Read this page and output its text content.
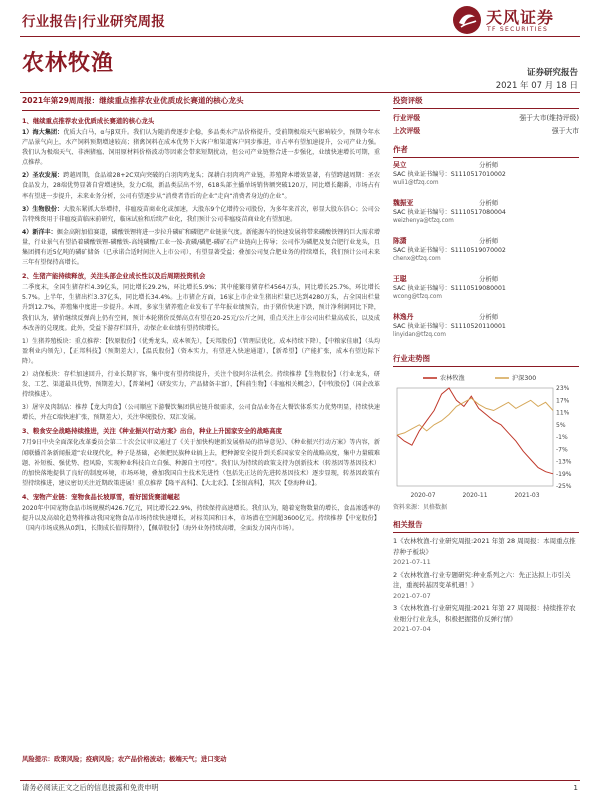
行业报告|行业研究周报	天风证券
TF SECURITIES
农林牧渔	证券研究报告
2021 年 07 月 18 日
2021年第29周周报：继续重点推荐农业优质成长赛道的核心龙头
1、继续重点推荐农业优质成长赛道的核心龙头
1）海大集团：优质大白马，α与β双升。我们认为随消费逐步企稳，多品类水产品价格提升，受前期极端天气影响较少，预期今年水产品景气向上，水产饲料预期增速较高；猪禽饲料在成本优势下大客户和渠道客户同步推进，市占率有望加速提升，公司产业力强。我们认为极端天气、非洲猪瘟、饲用原材料价格波动等因素会带来短期扰动，但公司产业链整合进一步强化，业绩快速增长可期，重点推荐。
2）圣农发展：跨越周期，食品端28+2C双向突破的白羽肉鸡龙头；深耕白羽肉鸡产业链，养殖降本增效显著，有望跨越周期：圣农食品发力，28端优势显著自营增速快，发力C端，新品类层出不穷，618头部主播单场销售额突破120万，同比增长翻番，市场占有率有望进一步提升，未来业务分析，公司有望逐步从“消费者背后的企业”走向“消费者身边的企业”。
3）生物股份：大股东紧抓大举增持，非瘟疫苗商业化或加速，大股东9个亿增持公司股份，为多年来首次，彰显大股东信心；公司公告特殊资用于非瘟疫苗临床前研究，临床试验和后续产业化，我们预计公司非瘟疫苗商业化有望加速。
4）新洋丰：掘金高附加值赛道，磷酸铁锂将进一步拉升磷矿和磷肥产业链景气度。新能源车的快速发展将带来磷酸铁锂的巨大需求增量，行业景气有望沿着磷酸铁锂-磷酸铁-高纯磷酸/工业一铵-黄磷/磷肥-磷矿石产业链向上传导；公司作为磷肥及复合肥行业龙头，且集团拥有近5亿吨的磷矿储备（已承诺合适时间注入上市公司），有望显著受益；叠加公司复合肥业务的持续增长，我们预计公司未来三年有望保持高增长。
2、生猪产能持续释放，关注头部企业成长性以及后周期投资机会
二季度末，全国生猪存栏4.39亿头，同比增长29.2%，环比增长5.9%；其中能繁母猪存栏4564万头，同比增长25.7%，环比增长5.7%。上半年，生猪出栏3.37亿头，同比增长34.4%。上市猪企方面，16家上市企业生猪出栏量已达到4280万头，占全国出栏量升到12.7%，养殖集中度进一步提升。本周，多家生猪养殖企业发布了半年报业绩预告，由于猪价快速下跌，预计净利润同比下降，我们认为，猪价继续反弹尚上仍有空间，预计本轮猪价反弹高点有望在20-25元/公斤之间，重点关注上市公司出栏量高成长，以及成本改善的兑现度。此外，受益下游存栏回升，动保企业业绩有望持续增长。
1）生猪养殖板块：重点推荐：【牧原股份】（优秀龙头，成本领先），【天邦股份】（管理层优化，成本持续下降），【中粮家佳康】（头均盈利业内领先），【正邦科技】（预期差大），【温氏股份】（资本实力，有望进入快速通道），【新希望】（产能扩张，成本有望边际下降）。
2）动保板块：存栏加速回升，行业长期扩容，集中度有望持续提升，关注个股阿尔法机会。持续推荐【生物股份】（行业龙头，研发、工艺、渠道最具优势，预期差大），【普莱柯】（研发实力，产品储备丰富），【科前生物】（非瘟相关概念），【中牧股份】（国企改革持续推进）。
3）屠宰及肉制品：推荐【龙大肉食】（公司顺应下游餐饮集团供应链升级需求，公司食品业务在大餐饮体系实力优势明显，持续快速增长，并在C端快速扩张，预期差大），关注华统股份、双汇发展。
3、粮食安全战略持续推进，关注《种业振兴行动方案》出台，种业上升国家安全的战略高度
7月9日中央全面深化改革委员会第二十次会议审议通过了《关于加快构建新发展格局的指导意见》、《种业振兴行动方案》等内容，新闻联播首条新闻报道“农业现代化，种子是基础，必须把民族种业搞上去，把种源安全提升到关系国家安全的战略高度，集中力量破难题、补短板、强优势、控风险，实现种业科技自立自强、种源自主可控”。我们认为持续的政策支持为创新技术（转基因等基因技术）的加快落地提供了良好的制度环境，市场环境，叠加我国自主技术先进性（包括先正达的先进转基因技术）逐步显现，转基因政策有望持续推进，建议密切关注近期政策进展！重点推荐【隆平高科】、【大北农】、【荃银高科】，其次【登海种业】。
4、宠物产业链：宠物食品长坡厚雪，看好国货赛道崛起
2020年中国宠物食品市场规模约426.7亿元，同比增长22.9%，持续保持高速增长。我们认为，随着宠物数量的增长，食品渗透率的提升以及高端化趋势将推动我国宠物食品市场持续快速增长，对标美国和日本，市场潜在空间超3600亿元。持续推荐【中宠股份】（国内市场成熟从0到1，长期成长值得期待），【佩蒂股份】（海外业务持续高增，全面发力国内市场）。
风险提示：政策风险；疫病风险；农产品价格波动；极端天气；进口变动
投资评级
行业评级	强于大市(维持评级)
上次评级	强于大市
作者
吴立	分析师
SAC 执业证书编号：S1110517010002
wuli1@tfzq.com
魏振亚	分析师
SAC 执业证书编号：S1110517080004
weizhenya@tfzq.com
陈潇	分析师
SAC 执业证书编号：S1110519070002
chenx@tfzq.com
王聪	分析师
SAC 执业证书编号：S1110519080001
wcong@tfzq.com
林逸丹	分析师
SAC 执业证书编号：S1110520110001
linyidan@tfzq.com
行业走势图
23%
17%
11%
5%
-1%
-7%
-13%
-19%
-25%
2020-07	2020-11	2021-03
农林牧渔	沪深300
资料来源：贝格数据
相关报告
1《农林牧渔-行业研究周报:2021 年第 28 周周报：本周重点推荐种子板块》
2021-07-11
2《农林牧渔-行业专题研究:种业系列之六：先正达拟上市引关注，重视转基因变革机遇！》
2021-07-07
3《农林牧渔-行业研究周报:2021 年第 27 周周报：持续推荐农业细分行业龙头，积极把握猪价反弹行情》
2021-07-04
请务必阅读正文之后的信息披露和免责申明	1
